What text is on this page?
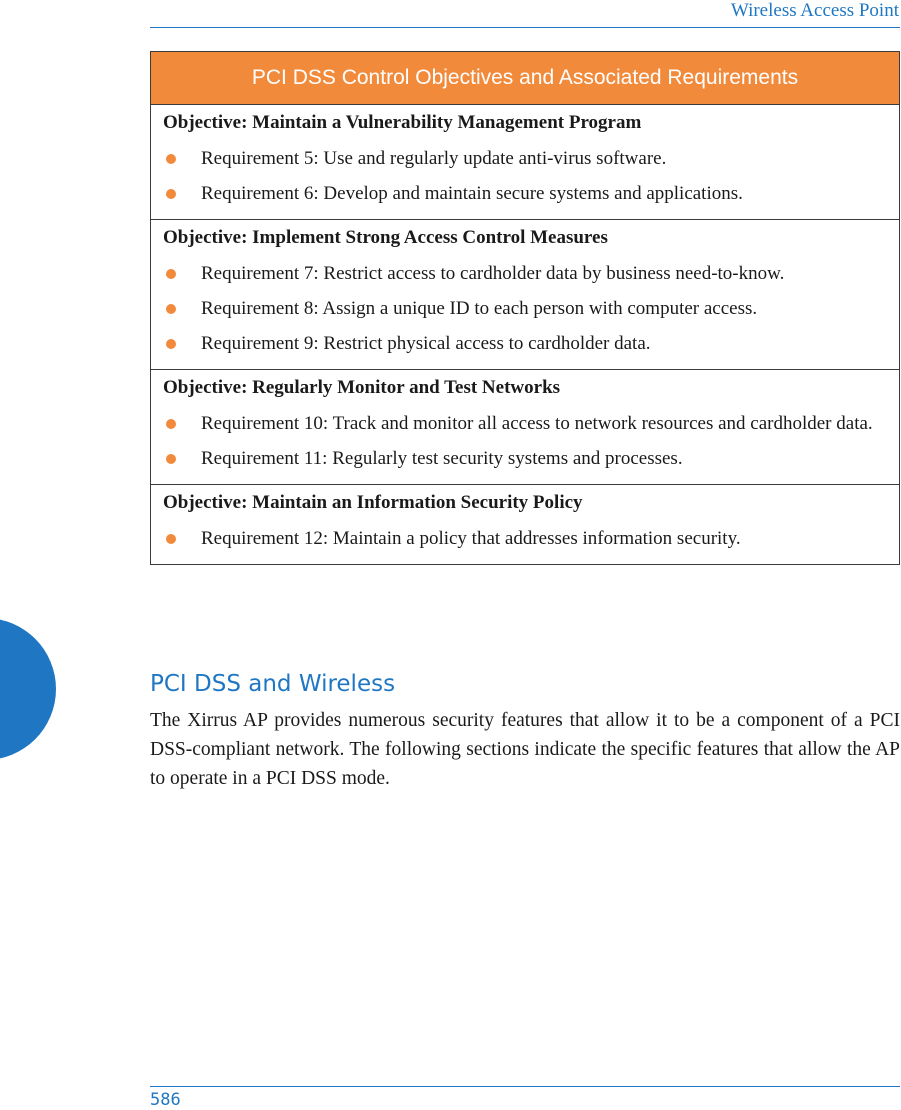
Wireless Access Point
PCI DSS Control Objectives and Associated Requirements
Objective: Maintain a Vulnerability Management Program
Requirement 5: Use and regularly update anti-virus software.
Requirement 6: Develop and maintain secure systems and applications.
Objective: Implement Strong Access Control Measures
Requirement 7: Restrict access to cardholder data by business need-to-know.
Requirement 8: Assign a unique ID to each person with computer access.
Requirement 9: Restrict physical access to cardholder data.
Objective: Regularly Monitor and Test Networks
Requirement 10: Track and monitor all access to network resources and cardholder data.
Requirement 11: Regularly test security systems and processes.
Objective: Maintain an Information Security Policy
Requirement 12: Maintain a policy that addresses information security.
PCI DSS and Wireless

The Xirrus AP provides numerous security features that allow it to be a component of a PCI DSS-compliant network. The following sections indicate the specific features that allow the AP to operate in a PCI DSS mode.

586
